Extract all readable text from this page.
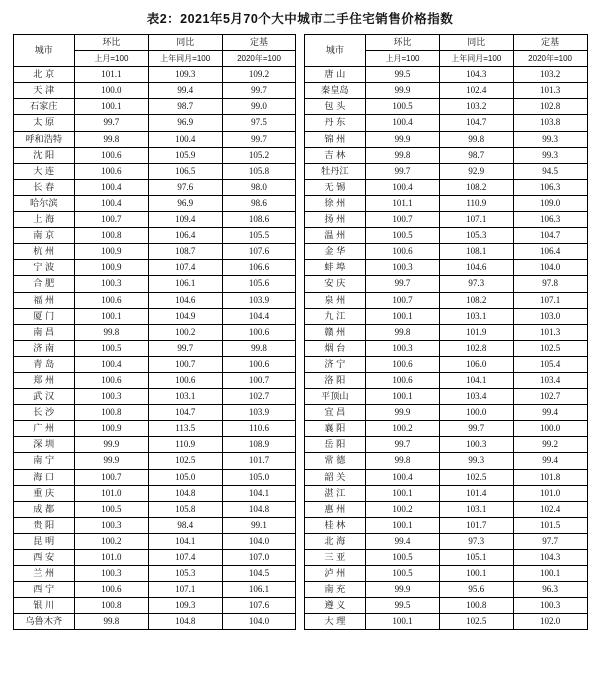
表2：2021年5月70个大中城市二手住宅销售价格指数
城市	环比	同比	定基		城市	环比	同比	定基
	上月=100	上年同月=100	2020年=100			上月=100	上年同月=100	2020年=100
北 京	101.1	109.3	109.2		唐 山	99.5	104.3	103.2
天 津	100.0	99.4	99.7		秦皇岛	99.9	102.4	101.3
石家庄	100.1	98.7	99.0		包 头	100.5	103.2	102.8
太 原	99.7	96.9	97.5		丹 东	100.4	104.7	103.8
呼和浩特	99.8	100.4	99.7		锦 州	99.9	99.8	99.3
沈 阳	100.6	105.9	105.2		吉 林	99.8	98.7	99.3
大 连	100.6	106.5	105.8		牡丹江	99.7	92.9	94.5
长 春	100.4	97.6	98.0		无 锡	100.4	108.2	106.3
哈尔滨	100.4	96.9	98.6		徐 州	101.1	110.9	109.0
上 海	100.7	109.4	108.6		扬 州	100.7	107.1	106.3
南 京	100.8	106.4	105.5		温 州	100.5	105.3	104.7
杭 州	100.9	108.7	107.6		金 华	100.6	108.1	106.4
宁 波	100.9	107.4	106.6		蚌 埠	100.3	104.6	104.0
合 肥	100.3	106.1	105.6		安 庆	99.7	97.3	97.8
福 州	100.6	104.6	103.9		泉 州	100.7	108.2	107.1
厦 门	100.1	104.9	104.4		九 江	100.1	103.1	103.0
南 昌	99.8	100.2	100.6		赣 州	99.8	101.9	101.3
济 南	100.5	99.7	99.8		烟 台	100.3	102.8	102.5
青 岛	100.4	100.7	100.6		济 宁	100.6	106.0	105.4
郑 州	100.6	100.6	100.7		洛 阳	100.6	104.1	103.4
武 汉	100.3	103.1	102.7		平顶山	100.1	103.4	102.7
长 沙	100.8	104.7	103.9		宜 昌	99.9	100.0	99.4
广 州	100.9	113.5	110.6		襄 阳	100.2	99.7	100.0
深 圳	99.9	110.9	108.9		岳 阳	99.7	100.3	99.2
南 宁	99.9	102.5	101.7		常 德	99.8	99.3	99.4
海 口	100.7	105.0	105.0		韶 关	100.4	102.5	101.8
重 庆	101.0	104.8	104.1		湛 江	100.1	101.4	101.0
成 都	100.5	105.8	104.8		惠 州	100.2	103.1	102.4
贵 阳	100.3	98.4	99.1		桂 林	100.1	101.7	101.5
昆 明	100.2	104.1	104.0		北 海	99.4	97.3	97.7
西 安	101.0	107.4	107.0		三 亚	100.5	105.1	104.3
兰 州	100.3	105.3	104.5		泸 州	100.5	100.1	100.1
西 宁	100.6	107.1	106.1		南 充	99.9	95.6	96.3
银 川	100.8	109.3	107.6		遵 义	99.5	100.8	100.3
乌鲁木齐	99.8	104.8	104.0		大 理	100.1	102.5	102.0
